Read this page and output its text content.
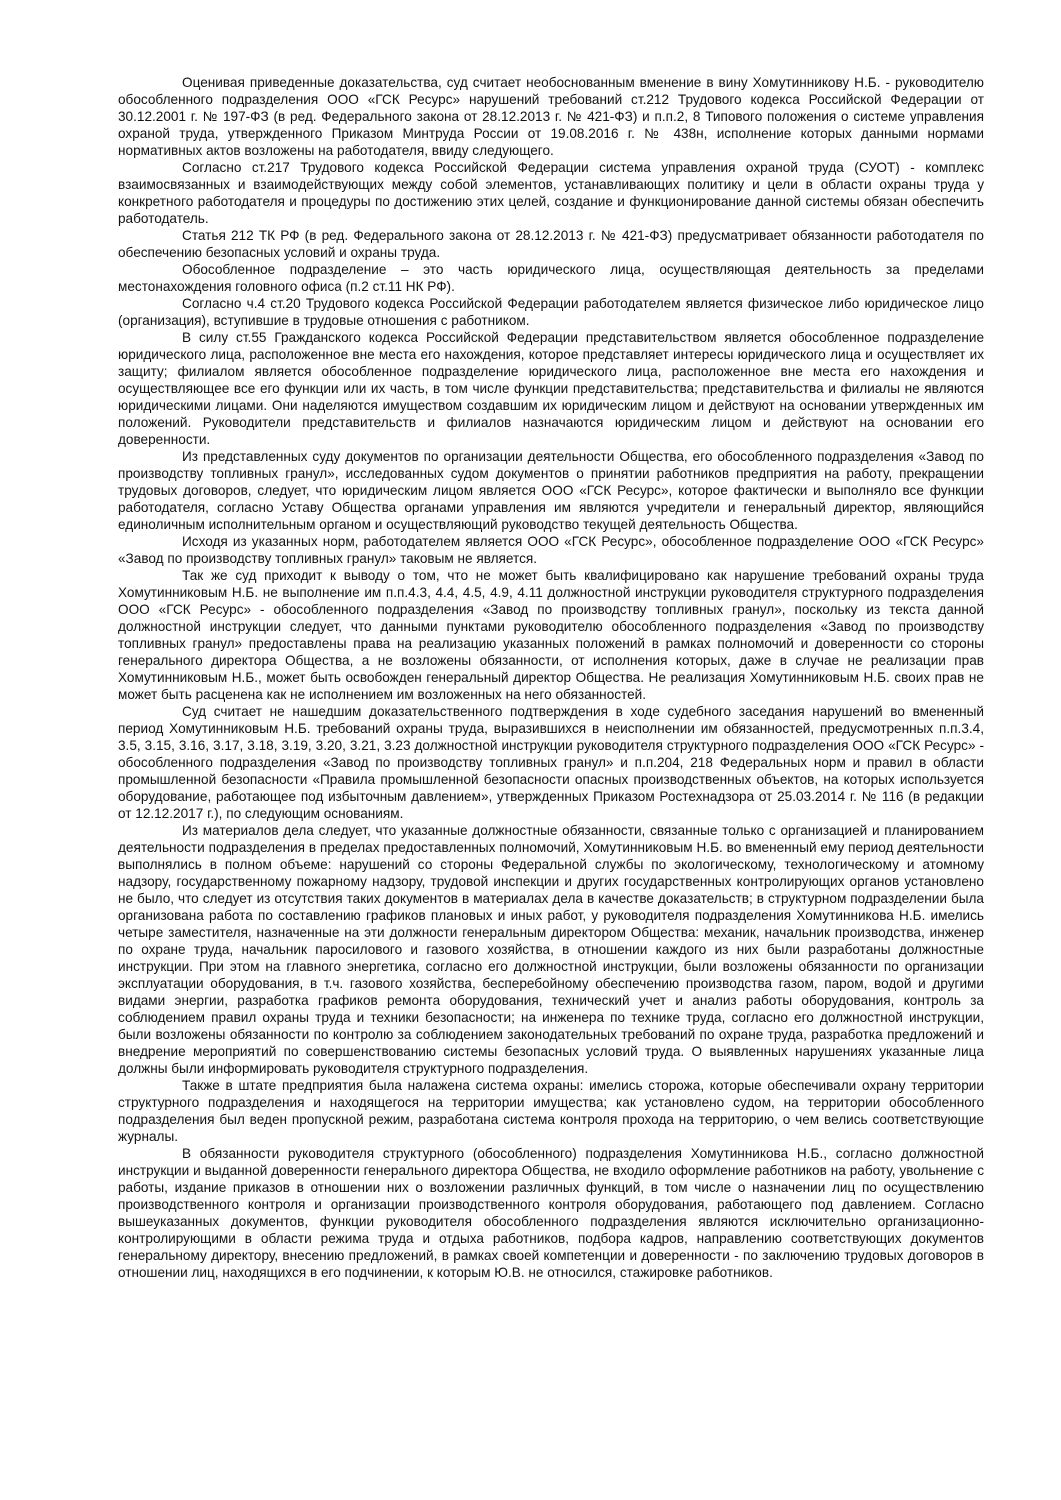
Оценивая приведенные доказательства, суд считает необоснованным вменение в вину Хомутинникову Н.Б. - руководителю обособленного подразделения ООО «ГСК Ресурс» нарушений требований ст.212 Трудового кодекса Российской Федерации от 30.12.2001 г. № 197-ФЗ (в ред. Федерального закона от 28.12.2013 г. № 421-ФЗ) и п.п.2, 8 Типового положения о системе управления охраной труда, утвержденного Приказом Минтруда России от 19.08.2016 г. № 438н, исполнение которых данными нормами нормативных актов возложены на работодателя, ввиду следующего.

Согласно ст.217 Трудового кодекса Российской Федерации система управления охраной труда (СУОТ) - комплекс взаимосвязанных и взаимодействующих между собой элементов, устанавливающих политику и цели в области охраны труда у конкретного работодателя и процедуры по достижению этих целей, создание и функционирование данной системы обязан обеспечить работодатель.

Статья 212 ТК РФ (в ред. Федерального закона от 28.12.2013 г. № 421-ФЗ) предусматривает обязанности работодателя по обеспечению безопасных условий и охраны труда.

Обособленное подразделение – это часть юридического лица, осуществляющая деятельность за пределами местонахождения головного офиса (п.2 ст.11 НК РФ).

Согласно ч.4 ст.20 Трудового кодекса Российской Федерации работодателем является физическое либо юридическое лицо (организация), вступившие в трудовые отношения с работником.

В силу ст.55 Гражданского кодекса Российской Федерации представительством является обособленное подразделение юридического лица, расположенное вне места его нахождения, которое представляет интересы юридического лица и осуществляет их защиту; филиалом является обособленное подразделение юридического лица, расположенное вне места его нахождения и осуществляющее все его функции или их часть, в том числе функции представительства; представительства и филиалы не являются юридическими лицами. Они наделяются имуществом создавшим их юридическим лицом и действуют на основании утвержденных им положений. Руководители представительств и филиалов назначаются юридическим лицом и действуют на основании его доверенности.

Из представленных суду документов по организации деятельности Общества, его обособленного подразделения «Завод по производству топливных гранул», исследованных судом документов о принятии работников предприятия на работу, прекращении трудовых договоров, следует, что юридическим лицом является ООО «ГСК Ресурс», которое фактически и выполняло все функции работодателя, согласно Уставу Общества органами управления им являются учредители и генеральный директор, являющийся единоличным исполнительным органом и осуществляющий руководство текущей деятельность Общества.

Исходя из указанных норм, работодателем является ООО «ГСК Ресурс», обособленное подразделение ООО «ГСК Ресурс» «Завод по производству топливных гранул» таковым не является.

Так же суд приходит к выводу о том, что не может быть квалифицировано как нарушение требований охраны труда Хомутинниковым Н.Б. не выполнение им п.п.4.3, 4.4, 4.5, 4.9, 4.11 должностной инструкции руководителя структурного подразделения ООО «ГСК Ресурс» - обособленного подразделения «Завод по производству топливных гранул», поскольку из текста данной должностной инструкции следует, что данными пунктами руководителю обособленного подразделения «Завод по производству топливных гранул» предоставлены права на реализацию указанных положений в рамках полномочий и доверенности со стороны генерального директора Общества, а не возложены обязанности, от исполнения которых, даже в случае не реализации прав Хомутинниковым Н.Б., может быть освобожден генеральный директор Общества. Не реализация Хомутинниковым Н.Б. своих прав не может быть расценена как не исполнением им возложенных на него обязанностей.

Суд считает не нашедшим доказательственного подтверждения в ходе судебного заседания нарушений во вмененный период Хомутинниковым Н.Б. требований охраны труда, выразившихся в неисполнении им обязанностей, предусмотренных п.п.3.4, 3.5, 3.15, 3.16, 3.17, 3.18, 3.19, 3.20, 3.21, 3.23 должностной инструкции руководителя структурного подразделения ООО «ГСК Ресурс» - обособленного подразделения «Завод по производству топливных гранул» и п.п.204, 218 Федеральных норм и правил в области промышленной безопасности «Правила промышленной безопасности опасных производственных объектов, на которых используется оборудование, работающее под избыточным давлением», утвержденных Приказом Ростехнадзора от 25.03.2014 г. № 116 (в редакции от 12.12.2017 г.), по следующим основаниям.

Из материалов дела следует, что указанные должностные обязанности, связанные только с организацией и планированием деятельности подразделения в пределах предоставленных полномочий, Хомутинниковым Н.Б. во вмененный ему период деятельности выполнялись в полном объеме: нарушений со стороны Федеральной службы по экологическому, технологическому и атомному надзору, государственному пожарному надзору, трудовой инспекции и других государственных контролирующих органов установлено не было, что следует из отсутствия таких документов в материалах дела в качестве доказательств; в структурном подразделении была организована работа по составлению графиков плановых и иных работ, у руководителя подразделения Хомутинникова Н.Б. имелись четыре заместителя, назначенные на эти должности генеральным директором Общества: механик, начальник производства, инженер по охране труда, начальник паросилового и газового хозяйства, в отношении каждого из них были разработаны должностные инструкции. При этом на главного энергетика, согласно его должностной инструкции, были возложены обязанности по организации эксплуатации оборудования, в т.ч. газового хозяйства, бесперебойному обеспечению производства газом, паром, водой и другими видами энергии, разработка графиков ремонта оборудования, технический учет и анализ работы оборудования, контроль за соблюдением правил охраны труда и техники безопасности; на инженера по технике труда, согласно его должностной инструкции, были возложены обязанности по контролю за соблюдением законодательных требований по охране труда, разработка предложений и внедрение мероприятий по совершенствованию системы безопасных условий труда. О выявленных нарушениях указанные лица должны были информировать руководителя структурного подразделения.

Также в штате предприятия была налажена система охраны: имелись сторожа, которые обеспечивали охрану территории структурного подразделения и находящегося на территории имущества; как установлено судом, на территории обособленного подразделения был веден пропускной режим, разработана система контроля прохода на территорию, о чем велись соответствующие журналы.

В обязанности руководителя структурного (обособленного) подразделения Хомутинникова Н.Б., согласно должностной инструкции и выданной доверенности генерального директора Общества, не входило оформление работников на работу, увольнение с работы, издание приказов в отношении них о возложении различных функций, в том числе о назначении лиц по осуществлению производственного контроля и организации производственного контроля оборудования, работающего под давлением. Согласно вышеуказанных документов, функции руководителя обособленного подразделения являются исключительно организационно-контролирующими в области режима труда и отдыха работников, подбора кадров, направлению соответствующих документов генеральному директору, внесению предложений, в рамках своей компетенции и доверенности - по заключению трудовых договоров в отношении лиц, находящихся в его подчинении, к которым Ю.В. не относился, стажировке работников.
